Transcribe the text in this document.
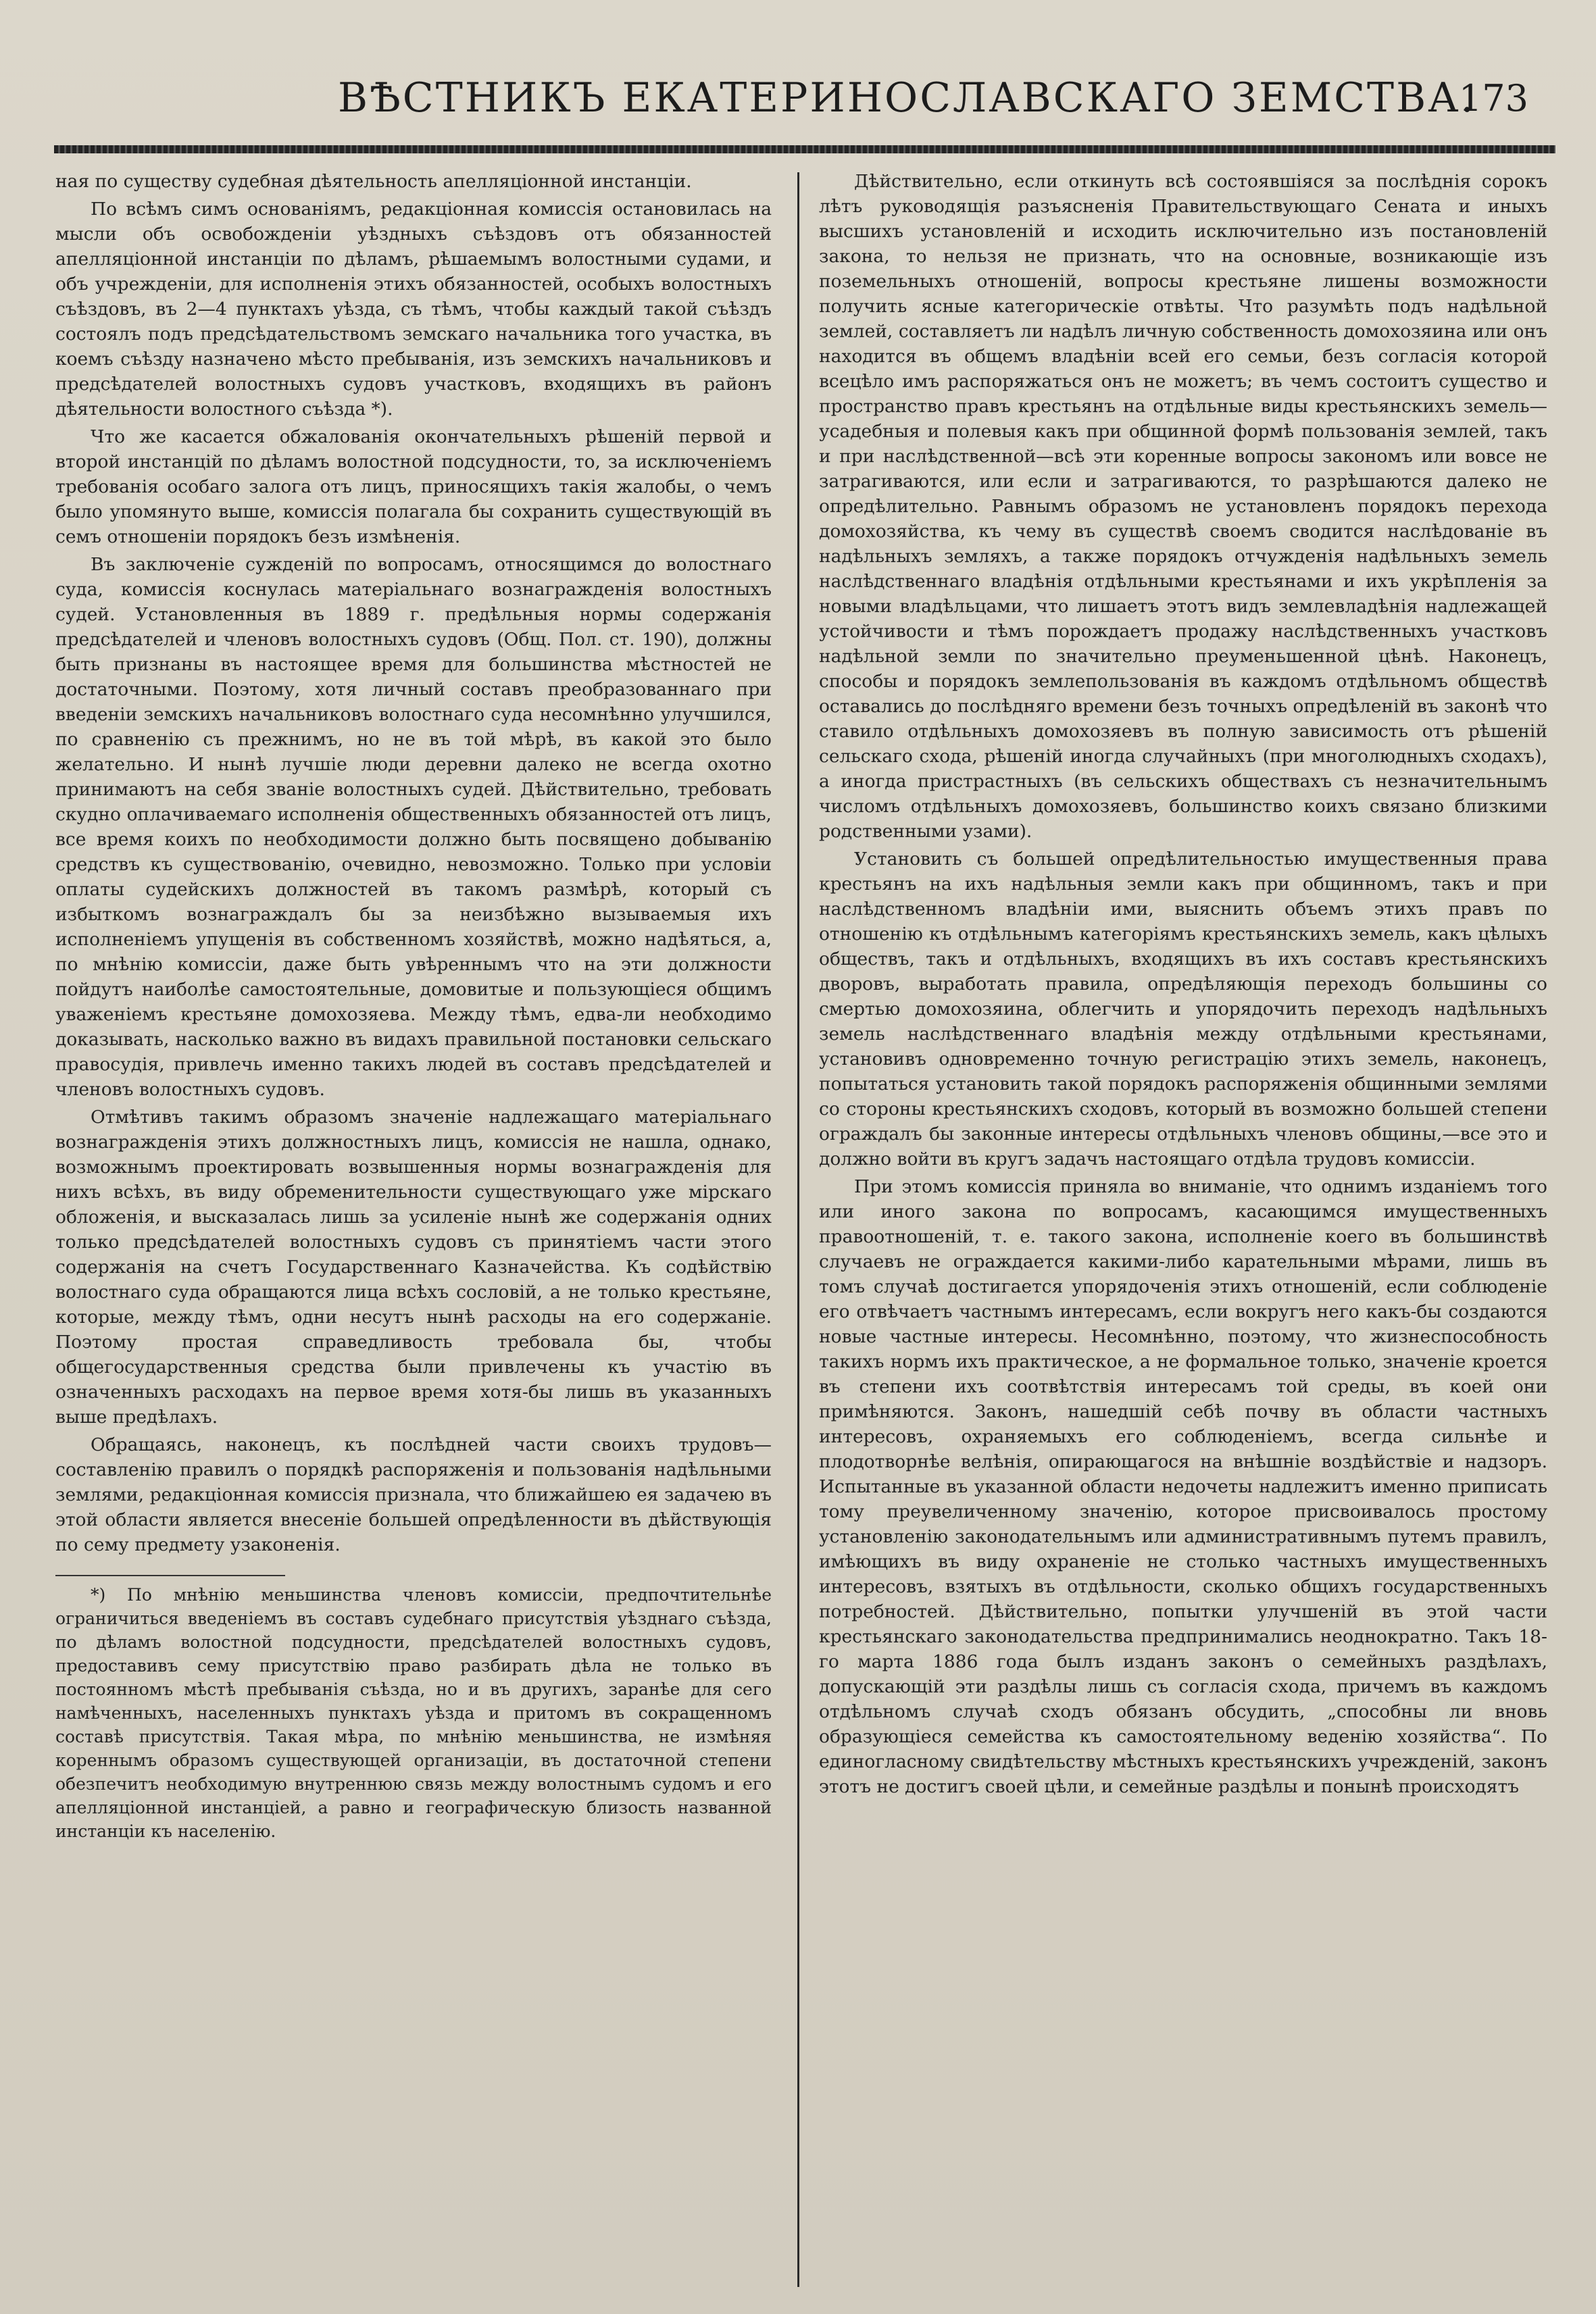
ВѢСТНИКЪ ЕКАТЕРИНОСЛАВСКАГО ЗЕМСТВА.
173

ная по существу судебная дѣятельность апелляціонной инстанціи.

По всѣмъ симъ основаніямъ, редакціонная комиссія остановилась на мысли объ освобожденіи уѣздныхъ съѣздовъ отъ обязанностей апелляціонной инстанціи по дѣламъ, рѣшаемымъ волостными судами, и объ учрежденіи, для исполненія этихъ обязанностей, особыхъ волостныхъ съѣздовъ, въ 2—4 пунктахъ уѣзда, съ тѣмъ, чтобы каждый такой съѣздъ состоялъ подъ предсѣдательствомъ земскаго начальника того участка, въ коемъ съѣзду назначено мѣсто пребыванія, изъ земскихъ начальниковъ и предсѣдателей волостныхъ судовъ участковъ, входящихъ въ районъ дѣятельности волостного съѣзда *).

Что же касается обжалованія окончательныхъ рѣшеній первой и второй инстанцій по дѣламъ волостной подсудности, то, за исключеніемъ требованія особаго залога отъ лицъ, приносящихъ такія жалобы, о чемъ было упомянуто выше, комиссія полагала бы сохранить существующій въ семъ отношеніи порядокъ безъ измѣненія.

Въ заключеніе сужденій по вопросамъ, относящимся до волостнаго суда, комиссія коснулась матеріальнаго вознагражденія волостныхъ судей. Установленныя въ 1889 г. предѣльныя нормы содержанія предсѣдателей и членовъ волостныхъ судовъ (Общ. Пол. ст. 190), должны быть признаны въ настоящее время для большинства мѣстностей не достаточными. Поэтому, хотя личный составъ преобразованнаго при введеніи земскихъ начальниковъ волостнаго суда несомнѣнно улучшился, по сравненію съ прежнимъ, но не въ той мѣрѣ, въ какой это было желательно. И нынѣ лучшіе люди деревни далеко не всегда охотно принимаютъ на себя званіе волостныхъ судей. Дѣйствительно, требовать скудно оплачиваемаго исполненія общественныхъ обязанностей отъ лицъ, все время коихъ по необходимости должно быть посвящено добыванію средствъ къ существованію, очевидно, невозможно. Только при условіи оплаты судейскихъ должностей въ такомъ размѣрѣ, который съ избыткомъ вознаграждалъ бы за неизбѣжно вызываемыя ихъ исполненіемъ упущенія въ собственномъ хозяйствѣ, можно надѣяться, а, по мнѣнію комиссіи, даже быть увѣреннымъ что на эти должности пойдутъ наиболѣе самостоятельные, домовитые и пользующіеся общимъ уваженіемъ крестьяне домохозяева. Между тѣмъ, едва-ли необходимо доказывать, насколько важно въ видахъ правильной постановки сельскаго правосудія, привлечь именно такихъ людей въ составъ предсѣдателей и членовъ волостныхъ судовъ.

Отмѣтивъ такимъ образомъ значеніе надлежащаго матеріальнаго вознагражденія этихъ должностныхъ лицъ, комиссія не нашла, однако, возможнымъ проектировать возвышенныя нормы вознагражденія для нихъ всѣхъ, въ виду обременительности существующаго уже мірскаго обложенія, и высказалась лишь за усиленіе нынѣ же содержанія одних только предсѣдателей волостныхъ судовъ съ принятіемъ части этого содержанія на счетъ Государственнаго Казначейства. Къ содѣйствію волостнаго суда обращаются лица всѣхъ сословій, а не только крестьяне, которые, между тѣмъ, одни несутъ нынѣ расходы на его содержаніе. Поэтому простая справедливость требовала бы, чтобы общегосударственныя средства были привлечены къ участію въ означенныхъ расходахъ на первое время хотя-бы лишь въ указанныхъ выше предѣлахъ.

Обращаясь, наконецъ, къ послѣдней части своихъ трудовъ—составленію правилъ о порядкѣ распоряженія и пользованія надѣльными землями, редакціонная комиссія признала, что ближайшею ея задачею въ этой области является внесеніе большей опредѣленности въ дѣйствующія по сему предмету узаконенія.

*) По мнѣнію меньшинства членовъ комиссіи, предпочтительнѣе ограничиться введеніемъ въ составъ судебнаго присутствія уѣзднаго съѣзда, по дѣламъ волостной подсудности, предсѣдателей волостныхъ судовъ, предоставивъ сему присутствію право разбирать дѣла не только въ постоянномъ мѣстѣ пребыванія съѣзда, но и въ другихъ, заранѣе для сего намѣченныхъ, населенныхъ пунктахъ уѣзда и притомъ въ сокращенномъ составѣ присутствія. Такая мѣра, по мнѣнію меньшинства, не измѣняя кореннымъ образомъ существующей организаціи, въ достаточной степени обезпечитъ необходимую внутреннюю связь между волостнымъ судомъ и его апелляціонной инстанціей, а равно и географическую близость названной инстанціи къ населенію.

Дѣйствительно, если откинуть всѣ состоявшіяся за послѣднія сорокъ лѣтъ руководящія разъясненія Правительствующаго Сената и иныхъ высшихъ установленій и исходить исключительно изъ постановленій закона, то нельзя не признать, что на основные, возникающіе изъ поземельныхъ отношеній, вопросы крестьяне лишены возможности получить ясные категорическіе отвѣты. Что разумѣть подъ надѣльной землей, составляетъ ли надѣлъ личную собственность домохозяина или онъ находится въ общемъ владѣніи всей его семьи, безъ согласія которой всецѣло имъ распоряжаться онъ не можетъ; въ чемъ состоитъ существо и пространство правъ крестьянъ на отдѣльные виды крестьянскихъ земель—усадебныя и полевыя какъ при общинной формѣ пользованія землей, такъ и при наслѣдственной—всѣ эти коренные вопросы закономъ или вовсе не затрагиваются, или если и затрагиваются, то разрѣшаются далеко не опредѣлительно. Равнымъ образомъ не установленъ порядокъ перехода домохозяйства, къ чему въ существѣ своемъ сводится наслѣдованіе въ надѣльныхъ земляхъ, а также порядокъ отчужденія надѣльныхъ земель наслѣдственнаго владѣнія отдѣльными крестьянами и ихъ укрѣпленія за новыми владѣльцами, что лишаетъ этотъ видъ землевладѣнія надлежащей устойчивости и тѣмъ порождаетъ продажу наслѣдственныхъ участковъ надѣльной земли по значительно преуменьшенной цѣнѣ. Наконецъ, способы и порядокъ землепользованія въ каждомъ отдѣльномъ обществѣ оставались до послѣдняго времени безъ точныхъ опредѣленій въ законѣ что ставило отдѣльныхъ домохозяевъ въ полную зависимость отъ рѣшеній сельскаго схода, рѣшеній иногда случайныхъ (при многолюдныхъ сходахъ), а иногда пристрастныхъ (въ сельскихъ обществахъ съ незначительнымъ числомъ отдѣльныхъ домохозяевъ, большинство коихъ связано близкими родственными узами).

Установить съ большей опредѣлительностью имущественныя права крестьянъ на ихъ надѣльныя земли какъ при общинномъ, такъ и при наслѣдственномъ владѣніи ими, выяснить объемъ этихъ правъ по отношенію къ отдѣльнымъ категоріямъ крестьянскихъ земель, какъ цѣлыхъ обществъ, такъ и отдѣльныхъ, входящихъ въ ихъ составъ крестьянскихъ дворовъ, выработать правила, опредѣляющія переходъ большины со смертью домохозяина, облегчить и упорядочить переходъ надѣльныхъ земель наслѣдственнаго владѣнія между отдѣльными крестьянами, установивъ одновременно точную регистрацію этихъ земель, наконецъ, попытаться установить такой порядокъ распоряженія общинными землями со стороны крестьянскихъ сходовъ, который въ возможно большей степени ограждалъ бы законные интересы отдѣльныхъ членовъ общины,—все это и должно войти въ кругъ задачъ настоящаго отдѣла трудовъ комиссіи.

При этомъ комиссія приняла во вниманіе, что однимъ изданіемъ того или иного закона по вопросамъ, касающимся имущественныхъ правоотношеній, т. е. такого закона, исполненіе коего въ большинствѣ случаевъ не ограждается какими-либо карательными мѣрами, лишь въ томъ случаѣ достигается упорядоченія этихъ отношеній, если соблюденіе его отвѣчаетъ частнымъ интересамъ, если вокругъ него какъ-бы создаются новые частные интересы. Несомнѣнно, поэтому, что жизнеспособность такихъ нормъ ихъ практическое, а не формальное только, значеніе кроется въ степени ихъ соотвѣтствія интересамъ той среды, въ коей они примѣняются. Законъ, нашедшій себѣ почву въ области частныхъ интересовъ, охраняемыхъ его соблюденіемъ, всегда сильнѣе и плодотворнѣе велѣнія, опирающагося на внѣшніе воздѣйствіе и надзоръ. Испытанные въ указанной области недочеты надлежитъ именно приписать тому преувеличенному значенію, которое присвоивалось простому установленію законодательнымъ или административнымъ путемъ правилъ, имѣющихъ въ виду охраненіе не столько частныхъ имущественныхъ интересовъ, взятыхъ въ отдѣльности, сколько общихъ государственныхъ потребностей. Дѣйствительно, попытки улучшеній въ этой части крестьянскаго законодательства предпринимались неоднократно. Такъ 18-го марта 1886 года былъ изданъ законъ о семейныхъ раздѣлахъ, допускающій эти раздѣлы лишь съ согласія схода, причемъ въ каждомъ отдѣльномъ случаѣ сходъ обязанъ обсудить, „способны ли вновь образующіеся семейства къ самостоятельному веденію хозяйства“. По единогласному свидѣтельству мѣстныхъ крестьянскихъ учрежденій, законъ этотъ не достигъ своей цѣли, и семейные раздѣлы и понынѣ происходятъ
